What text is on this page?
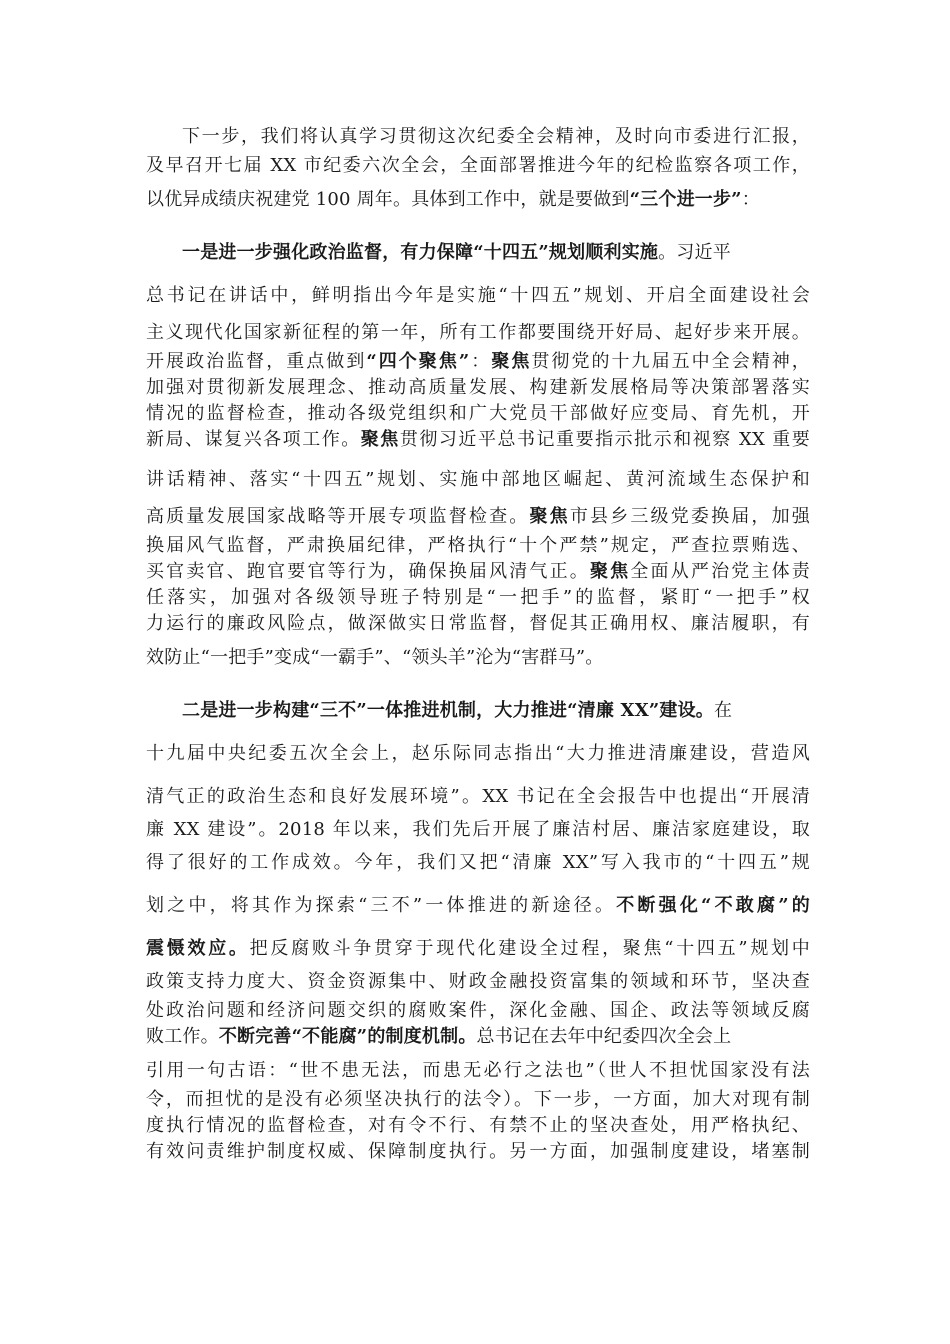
下一步，我们将认真学习贯彻这次纪委全会精神，及时向市委进行汇报，
及早召开七届 XX 市纪委六次全会，全面部署推进今年的纪检监察各项工作，
以优异成绩庆祝建党 100 周年。具体到工作中，就是要做到“三个进一步”：
一是进一步强化政治监督，有力保障“十四五”规划顺利实施。习近平
总书记在讲话中，鲜明指出今年是实施“十四五”规划、开启全面建设社会
主义现代化国家新征程的第一年，所有工作都要围绕开好局、起好步来开展。
开展政治监督，重点做到“四个聚焦”：聚焦贯彻党的十九届五中全会精神，
加强对贯彻新发展理念、推动高质量发展、构建新发展格局等决策部署落实
情况的监督检查，推动各级党组织和广大党员干部做好应变局、育先机，开
新局、谋复兴各项工作。聚焦贯彻习近平总书记重要指示批示和视察 XX 重要
讲话精神、落实“十四五”规划、实施中部地区崛起、黄河流域生态保护和
高质量发展国家战略等开展专项监督检查。聚焦市县乡三级党委换届，加强
换届风气监督，严肃换届纪律，严格执行“十个严禁”规定，严查拉票贿选、
买官卖官、跑官要官等行为，确保换届风清气正。聚焦全面从严治党主体责
任落实，加强对各级领导班子特别是“一把手”的监督，紧盯“一把手”权
力运行的廉政风险点，做深做实日常监督，督促其正确用权、廉洁履职，有
效防止“一把手”变成“一霸手”、“领头羊”沦为“害群马”。
二是进一步构建“三不”一体推进机制，大力推进“清廉 XX”建设。在
十九届中央纪委五次全会上，赵乐际同志指出“大力推进清廉建设，营造风
清气正的政治生态和良好发展环境”。XX 书记在全会报告中也提出“开展清
廉 XX 建设”。2018 年以来，我们先后开展了廉洁村居、廉洁家庭建设，取
得了很好的工作成效。今年，我们又把“清廉 XX”写入我市的“十四五”规
划之中，将其作为探索“三不”一体推进的新途径。不断强化“不敢腐”的
震慑效应。把反腐败斗争贯穿于现代化建设全过程，聚焦“十四五”规划中
政策支持力度大、资金资源集中、财政金融投资富集的领域和环节，坚决查
处政治问题和经济问题交织的腐败案件，深化金融、国企、政法等领域反腐
败工作。不断完善“不能腐”的制度机制。总书记在去年中纪委四次全会上
引用一句古语：“世不患无法，而患无必行之法也”（世人不担忧国家没有法
令，而担忧的是没有必须坚决执行的法令）。下一步，一方面，加大对现有制
度执行情况的监督检查，对有令不行、有禁不止的坚决查处，用严格执纪、
有效问责维护制度权威、保障制度执行。另一方面，加强制度建设，堵塞制
